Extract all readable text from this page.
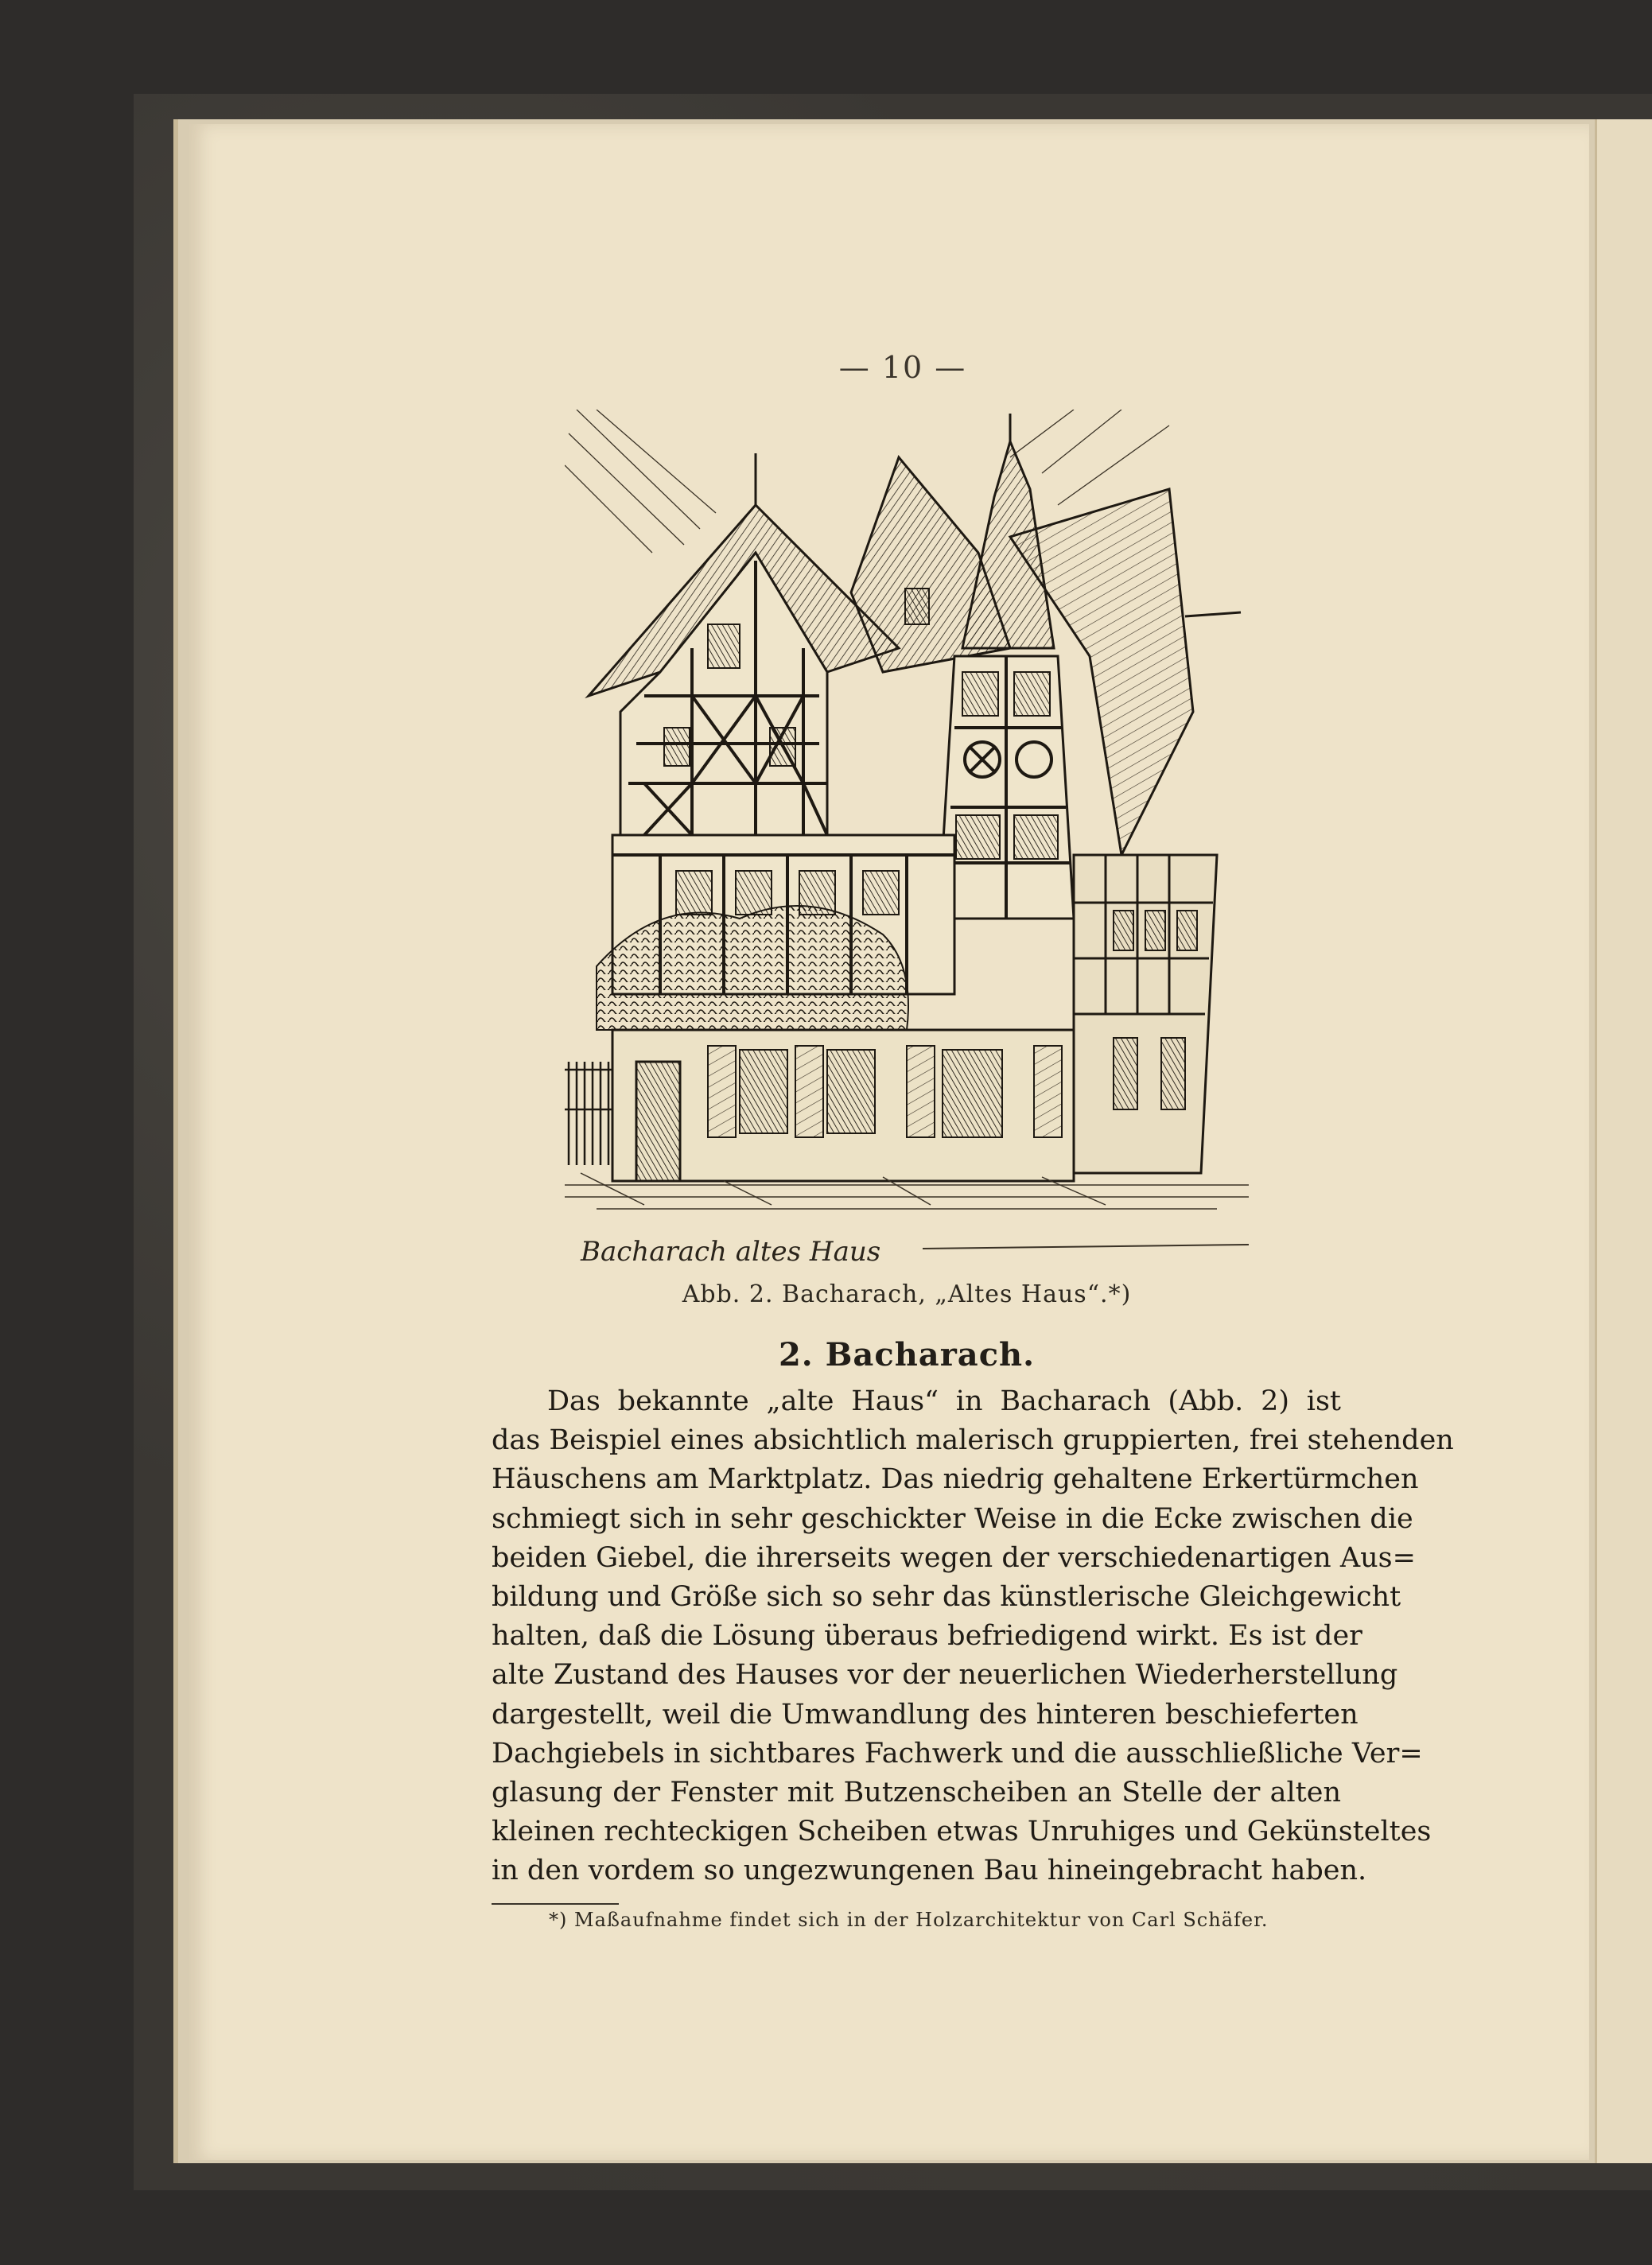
— 10 —
Bacharach altes Haus
Abb. 2. Bacharach, „Altes Haus“.*)
2. Bacharach.

Das bekannte „alte Haus“ in Bacharach (Abb. 2) ist
das Beispiel eines absichtlich malerisch gruppierten, frei stehenden
Häuschens am Marktplatz. Das niedrig gehaltene Erkertürmchen
schmiegt sich in sehr geschickter Weise in die Ecke zwischen die
beiden Giebel, die ihrerseits wegen der verschiedenartigen Aus=
bildung und Größe sich so sehr das künstlerische Gleichgewicht
halten, daß die Lösung überaus befriedigend wirkt. Es ist der
alte Zustand des Hauses vor der neuerlichen Wiederherstellung
dargestellt, weil die Umwandlung des hinteren beschieferten
Dachgiebels in sichtbares Fachwerk und die ausschließliche Ver=
glasung der Fenster mit Butzenscheiben an Stelle der alten
kleinen rechteckigen Scheiben etwas Unruhiges und Gekünsteltes
in den vordem so ungezwungenen Bau hineingebracht haben.

*) Maßaufnahme findet sich in der Holzarchitektur von Carl Schäfer.
